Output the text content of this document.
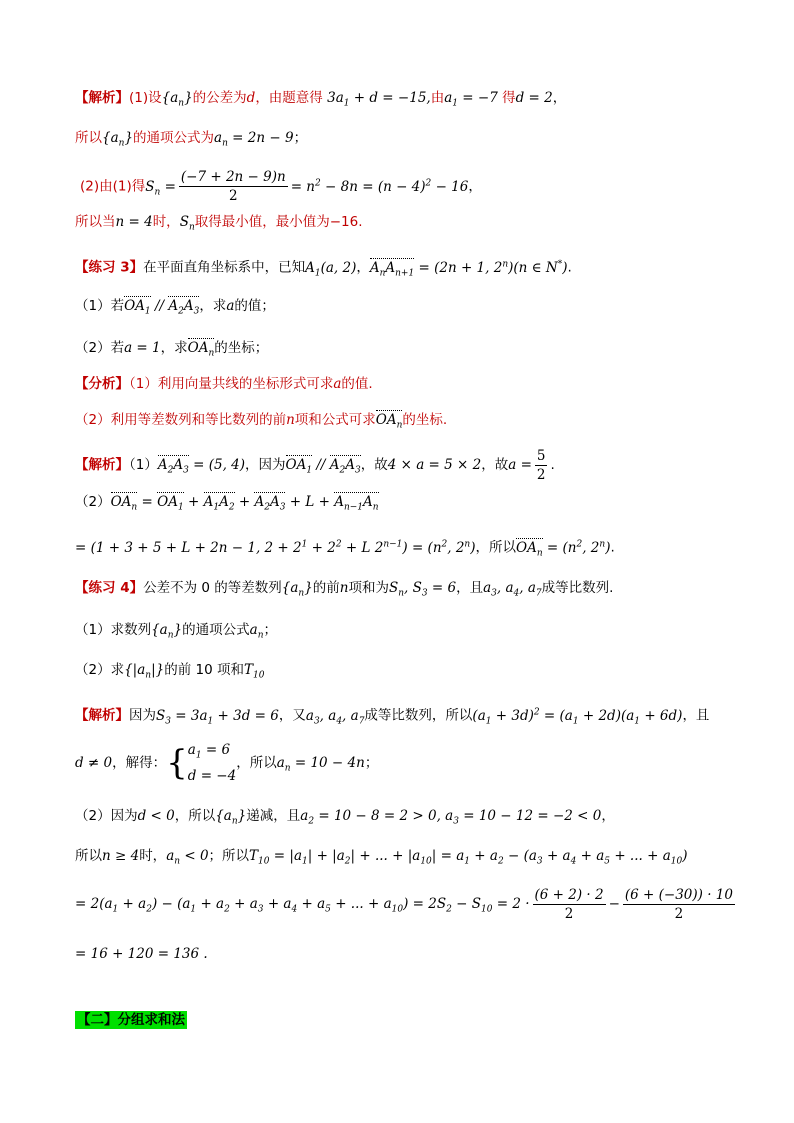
【解析】(1)设$\{a_n\}$的公差为d，由题意得 $3a_1 + d = -15$,由$a_1 = -7$ 得d = 2，
所以$\{a_n\}$的通项公式为$a_n = 2n - 9$；
(2)由(1)得$S_n = \frac{(-7 + 2n - 9)n}{2} = n^2 - 8n = (n - 4)^2 - 16$，
所以当n = 4时，$S_n$取得最小值，最小值为−16.
【练习 3】在平面直角坐标系中，已知$A_1(a$, 2)，$A_nA_{n+1} = (2n + 1$, 2$^n$)(n ∈ N*).
（1）若$OA_1 // A_2A_3$，求a的值；
（2）若a = 1，求$OA_n$的坐标；
【分析】（1）利用向量共线的坐标形式可求a的值.
（2）利用等差数列和等比数列的前n项和公式可求$OA_n$的坐标.
【解析】$(1)A_2A_3 = (5$, 4)，因为$OA_1 // A_2A_3$，故4 × a = 5 × 2，故$a = \frac{5}{2}$ .
$(2)OA_n = OA_1 + A_1A_2 + A_2A_3 + L + A_{n-1}A_n$
= (1 + 3 + 5 + L + 2n − 1, $2 + 2^1 + 2^2 + L$ $2^{n-1}) = (n^2$, 2$^n$)，所以$OA_n = (n^2$, 2$^n$).
【练习 4】公差不为 0 的等差数列$\{a_n\}$的前n项和为$S_n$, $S_3 = 6$，且$a_3$, $a_4$, $a_7$成等比数列.
（1）求数列$\{a_n\}$的通项公式$a_n$；
（2）求$\{|a_n|\}$的前 10 项和$T_{10}$
【解析】因为$S_3 = 3a_1 + 3d = 6$，又$a_3$, $a_4$, $a_7$成等比数列，所以$(a_1 + 3d)^2 = (a_1 + 2d)(a_1 + 6d)$，且
d ≠ 0，解得：{ $a_1 = 6$
d = −4
，所以$a_n = 10 - 4n$；
（2）因为d < 0，所以$\{a_n\}$递减，且$a_2 = 10 - 8 = 2 > 0$, $a_3 = 10 - 12 = -2 < 0$，
所以n ≥ 4时，$a_n < 0$；所以$T_{10} = |a_1| + |a_2|$ + ... + $|a_{10}| = a_1 + a_2 - (a_3 + a_4 + a_5$ + ... + $a_{10}$)
= $2(a_1 + a_2) - (a_1 + a_2 + a_3 + a_4 + a_5$ + ... + $a_{10}) = 2S_2 - S_{10} = 2 \cdot \frac{(6 + 2) \cdot 2}{2} - \frac{(6 + (-30)) \cdot 10}{2}$
= 16 + 120 = 136 .
【二】分组求和法
